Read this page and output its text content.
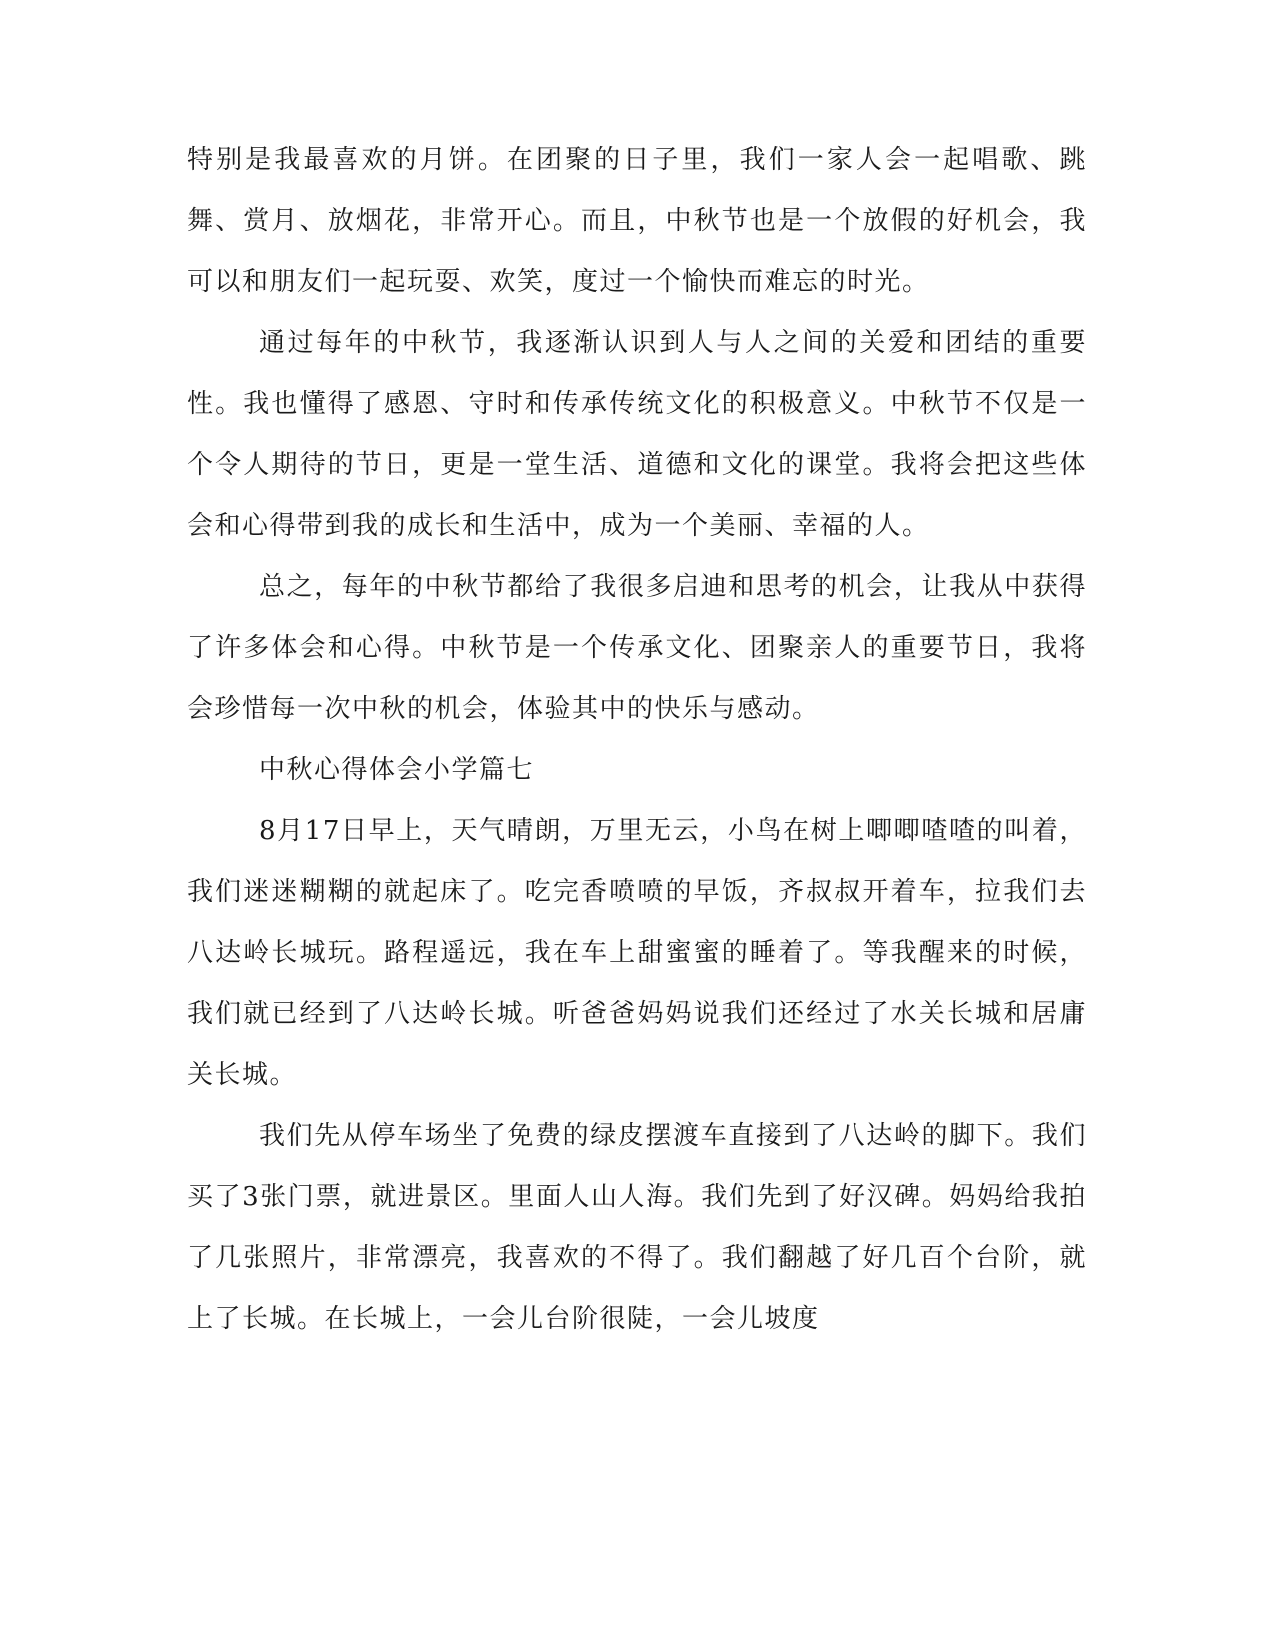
特别是我最喜欢的月饼。在团聚的日子里，我们一家人会一起唱歌、跳舞、赏月、放烟花，非常开心。而且，中秋节也是一个放假的好机会，我可以和朋友们一起玩耍、欢笑，度过一个愉快而难忘的时光。

通过每年的中秋节，我逐渐认识到人与人之间的关爱和团结的重要性。我也懂得了感恩、守时和传承传统文化的积极意义。中秋节不仅是一个令人期待的节日，更是一堂生活、道德和文化的课堂。我将会把这些体会和心得带到我的成长和生活中，成为一个美丽、幸福的人。

总之，每年的中秋节都给了我很多启迪和思考的机会，让我从中获得了许多体会和心得。中秋节是一个传承文化、团聚亲人的重要节日，我将会珍惜每一次中秋的机会，体验其中的快乐与感动。

中秋心得体会小学篇七

8月17日早上，天气晴朗，万里无云，小鸟在树上唧唧喳喳的叫着，我们迷迷糊糊的就起床了。吃完香喷喷的早饭，齐叔叔开着车，拉我们去八达岭长城玩。路程遥远，我在车上甜蜜蜜的睡着了。等我醒来的时候，我们就已经到了八达岭长城。听爸爸妈妈说我们还经过了水关长城和居庸关长城。

我们先从停车场坐了免费的绿皮摆渡车直接到了八达岭的脚下。我们买了3张门票，就进景区。里面人山人海。我们先到了好汉碑。妈妈给我拍了几张照片，非常漂亮，我喜欢的不得了。我们翻越了好几百个台阶，就上了长城。在长城上，一会儿台阶很陡，一会儿坡度
